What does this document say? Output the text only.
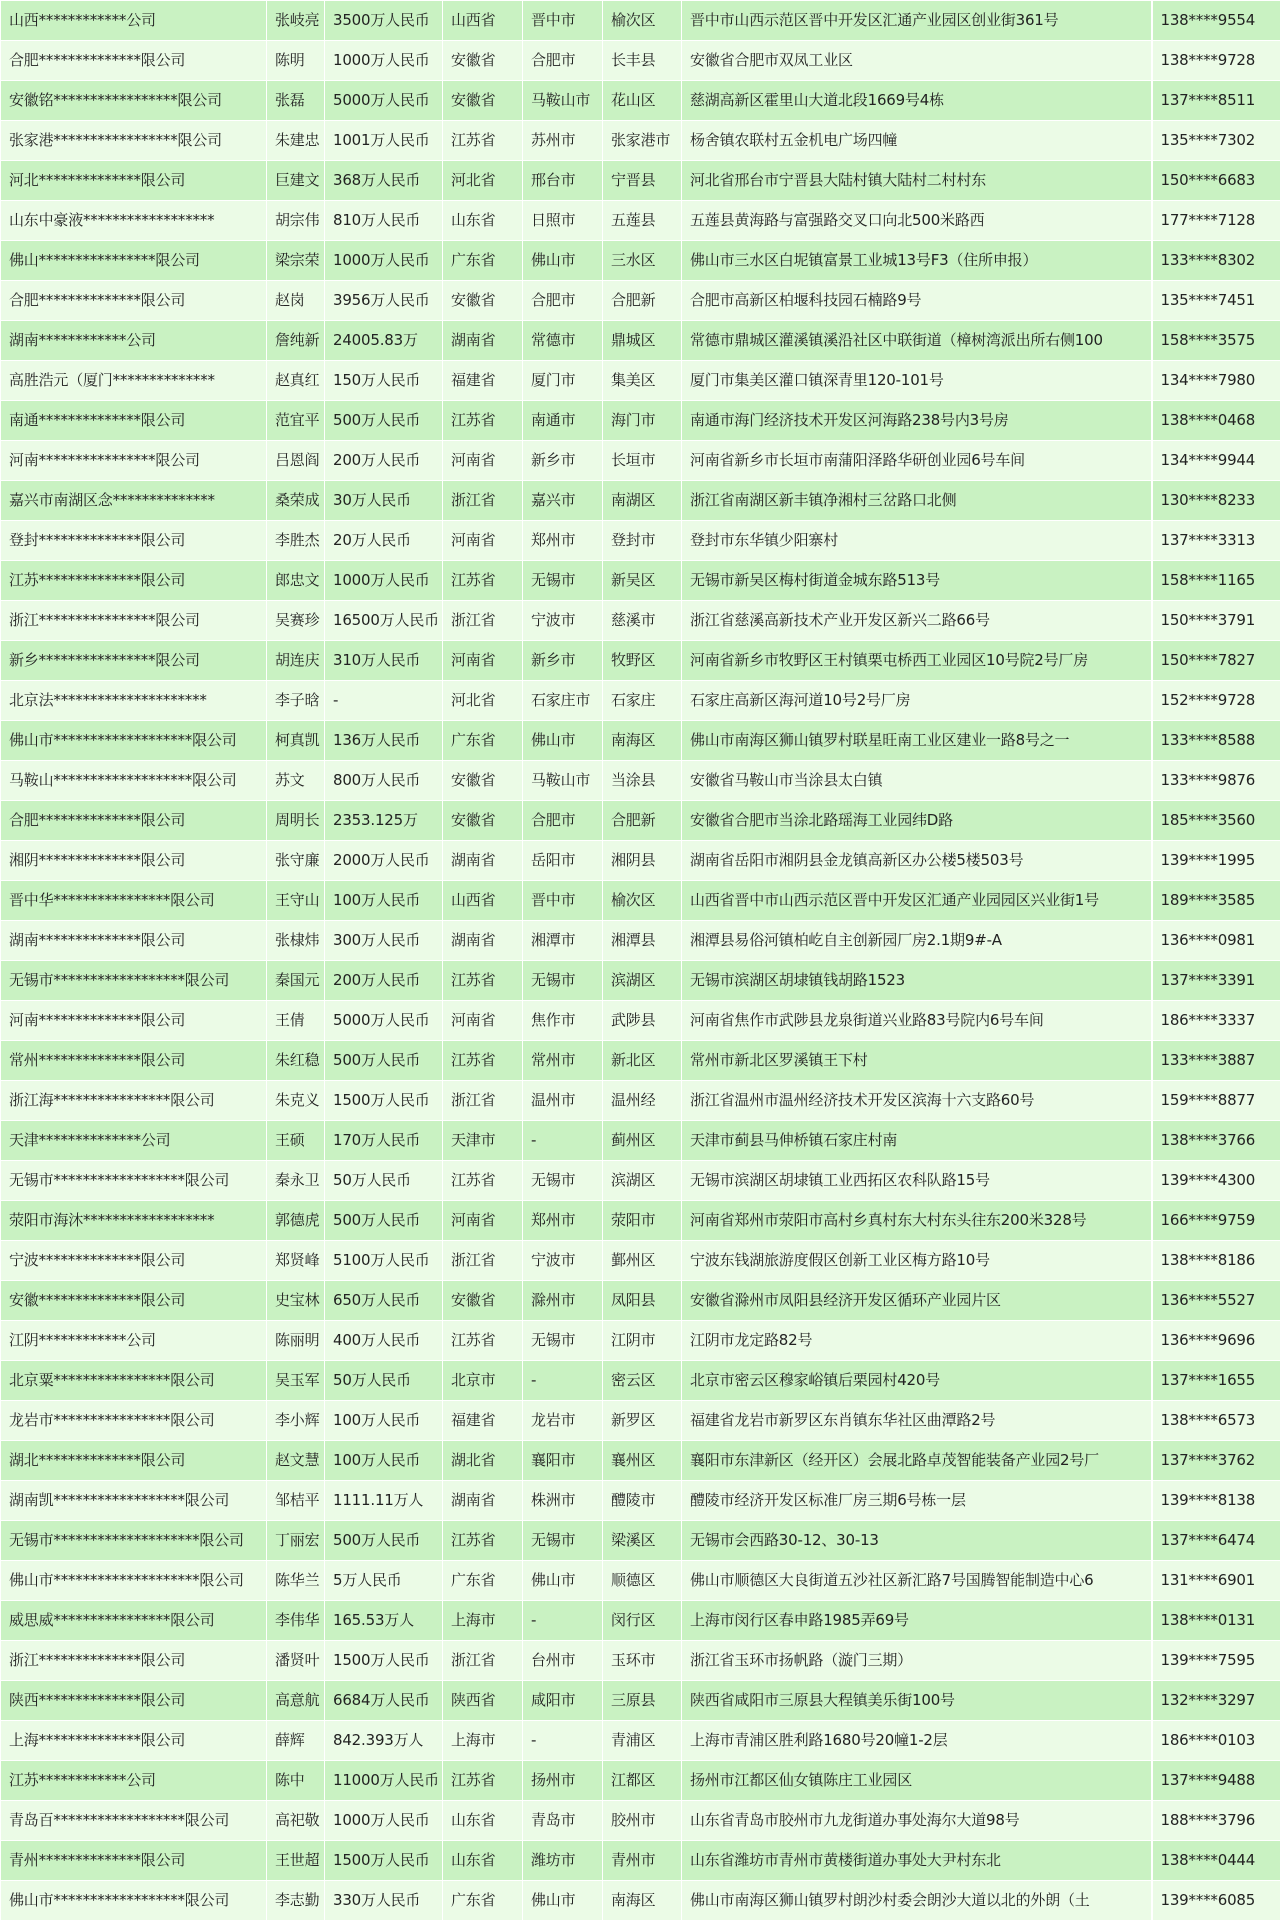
山西************公司	张岐亮	3500万人民币	山西省	晋中市	榆次区	晋中市山西示范区晋中开发区汇通产业园区创业街361号	138****9554
合肥**************限公司	陈明	1000万人民币	安徽省	合肥市	长丰县	安徽省合肥市双凤工业区	138****9728
安徽铭*****************限公司	张磊	5000万人民币	安徽省	马鞍山市	花山区	慈湖高新区霍里山大道北段1669号4栋	137****8511
张家港*****************限公司	朱建忠	1001万人民币	江苏省	苏州市	张家港市	杨舍镇农联村五金机电广场四幢	135****7302
河北**************限公司	巨建文	368万人民币	河北省	邢台市	宁晋县	河北省邢台市宁晋县大陆村镇大陆村二村村东	150****6683
山东中豪液******************	胡宗伟	810万人民币	山东省	日照市	五莲县	五莲县黄海路与富强路交叉口向北500米路西	177****7128
佛山****************限公司	梁宗荣	1000万人民币	广东省	佛山市	三水区	佛山市三水区白坭镇富景工业城13号F3（住所申报）	133****8302
合肥**************限公司	赵岗	3956万人民币	安徽省	合肥市	合肥新	合肥市高新区柏堰科技园石楠路9号	135****7451
湖南************公司	詹纯新	24005.83万	湖南省	常德市	鼎城区	常德市鼎城区灌溪镇溪沿社区中联街道（樟树湾派出所右侧100	158****3575
高胜浩元（厦门**************	赵真红	150万人民币	福建省	厦门市	集美区	厦门市集美区灌口镇深青里120-101号	134****7980
南通**************限公司	范宜平	500万人民币	江苏省	南通市	海门市	南通市海门经济技术开发区河海路238号内3号房	138****0468
河南****************限公司	吕恩阎	200万人民币	河南省	新乡市	长垣市	河南省新乡市长垣市南蒲阳泽路华研创业园6号车间	134****9944
嘉兴市南湖区念**************	桑荣成	30万人民币	浙江省	嘉兴市	南湖区	浙江省南湖区新丰镇净湘村三岔路口北侧	130****8233
登封**************限公司	李胜杰	20万人民币	河南省	郑州市	登封市	登封市东华镇少阳寨村	137****3313
江苏**************限公司	郎忠文	1000万人民币	江苏省	无锡市	新吴区	无锡市新吴区梅村街道金城东路513号	158****1165
浙江****************限公司	吴赛珍	16500万人民币	浙江省	宁波市	慈溪市	浙江省慈溪高新技术产业开发区新兴二路66号	150****3791
新乡****************限公司	胡连庆	310万人民币	河南省	新乡市	牧野区	河南省新乡市牧野区王村镇栗屯桥西工业园区10号院2号厂房	150****7827
北京法*********************	李子晗	-	河北省	石家庄市	石家庄	石家庄高新区海河道10号2号厂房	152****9728
佛山市*******************限公司	柯真凯	136万人民币	广东省	佛山市	南海区	佛山市南海区狮山镇罗村联星旺南工业区建业一路8号之一	133****8588
马鞍山*******************限公司	苏文	800万人民币	安徽省	马鞍山市	当涂县	安徽省马鞍山市当涂县太白镇	133****9876
合肥**************限公司	周明长	2353.125万	安徽省	合肥市	合肥新	安徽省合肥市当涂北路瑶海工业园纬D路	185****3560
湘阴**************限公司	张守廉	2000万人民币	湖南省	岳阳市	湘阴县	湖南省岳阳市湘阴县金龙镇高新区办公楼5楼503号	139****1995
晋中华****************限公司	王守山	100万人民币	山西省	晋中市	榆次区	山西省晋中市山西示范区晋中开发区汇通产业园园区兴业街1号	189****3585
湖南**************限公司	张棣炜	300万人民币	湖南省	湘潭市	湘潭县	湘潭县易俗河镇柏屹自主创新园厂房2.1期9#-A	136****0981
无锡市******************限公司	秦国元	200万人民币	江苏省	无锡市	滨湖区	无锡市滨湖区胡埭镇钱胡路1523	137****3391
河南**************限公司	王倩	5000万人民币	河南省	焦作市	武陟县	河南省焦作市武陟县龙泉街道兴业路83号院内6号车间	186****3337
常州**************限公司	朱红稳	500万人民币	江苏省	常州市	新北区	常州市新北区罗溪镇王下村	133****3887
浙江海****************限公司	朱克义	1500万人民币	浙江省	温州市	温州经	浙江省温州市温州经济技术开发区滨海十六支路60号	159****8877
天津**************公司	王硕	170万人民币	天津市	-	蓟州区	天津市蓟县马伸桥镇石家庄村南	138****3766
无锡市******************限公司	秦永卫	50万人民币	江苏省	无锡市	滨湖区	无锡市滨湖区胡埭镇工业西拓区农科队路15号	139****4300
荥阳市海沐******************	郭德虎	500万人民币	河南省	郑州市	荥阳市	河南省郑州市荥阳市高村乡真村东大村东头往东200米328号	166****9759
宁波**************限公司	郑贤峰	5100万人民币	浙江省	宁波市	鄞州区	宁波东钱湖旅游度假区创新工业区梅方路10号	138****8186
安徽**************限公司	史宝林	650万人民币	安徽省	滁州市	凤阳县	安徽省滁州市凤阳县经济开发区循环产业园片区	136****5527
江阴************公司	陈丽明	400万人民币	江苏省	无锡市	江阴市	江阴市龙定路82号	136****9696
北京粟****************限公司	吴玉军	50万人民币	北京市	-	密云区	北京市密云区穆家峪镇后栗园村420号	137****1655
龙岩市****************限公司	李小辉	100万人民币	福建省	龙岩市	新罗区	福建省龙岩市新罗区东肖镇东华社区曲潭路2号	138****6573
湖北**************限公司	赵文慧	100万人民币	湖北省	襄阳市	襄州区	襄阳市东津新区（经开区）会展北路卓茂智能装备产业园2号厂	137****3762
湖南凯******************限公司	邹桔平	1111.11万人	湖南省	株洲市	醴陵市	醴陵市经济开发区标准厂房三期6号栋一层	139****8138
无锡市********************限公司	丁丽宏	500万人民币	江苏省	无锡市	梁溪区	无锡市会西路30-12、30-13	137****6474
佛山市********************限公司	陈华兰	5万人民币	广东省	佛山市	顺德区	佛山市顺德区大良街道五沙社区新汇路7号国腾智能制造中心6	131****6901
威思威****************限公司	李伟华	165.53万人	上海市	-	闵行区	上海市闵行区春申路1985弄69号	138****0131
浙江**************限公司	潘贤叶	1500万人民币	浙江省	台州市	玉环市	浙江省玉环市扬帆路（漩门三期）	139****7595
陕西**************限公司	高意航	6684万人民币	陕西省	咸阳市	三原县	陕西省咸阳市三原县大程镇美乐街100号	132****3297
上海**************限公司	薛辉	842.393万人	上海市	-	青浦区	上海市青浦区胜利路1680号20幢1-2层	186****0103
江苏************公司	陈中	11000万人民币	江苏省	扬州市	江都区	扬州市江都区仙女镇陈庄工业园区	137****9488
青岛百******************限公司	高祀敬	1000万人民币	山东省	青岛市	胶州市	山东省青岛市胶州市九龙街道办事处海尔大道98号	188****3796
青州**************限公司	王世超	1500万人民币	山东省	潍坊市	青州市	山东省潍坊市青州市黄楼街道办事处大尹村东北	138****0444
佛山市******************限公司	李志勤	330万人民币	广东省	佛山市	南海区	佛山市南海区狮山镇罗村朗沙村委会朗沙大道以北的外朗（土	139****6085
